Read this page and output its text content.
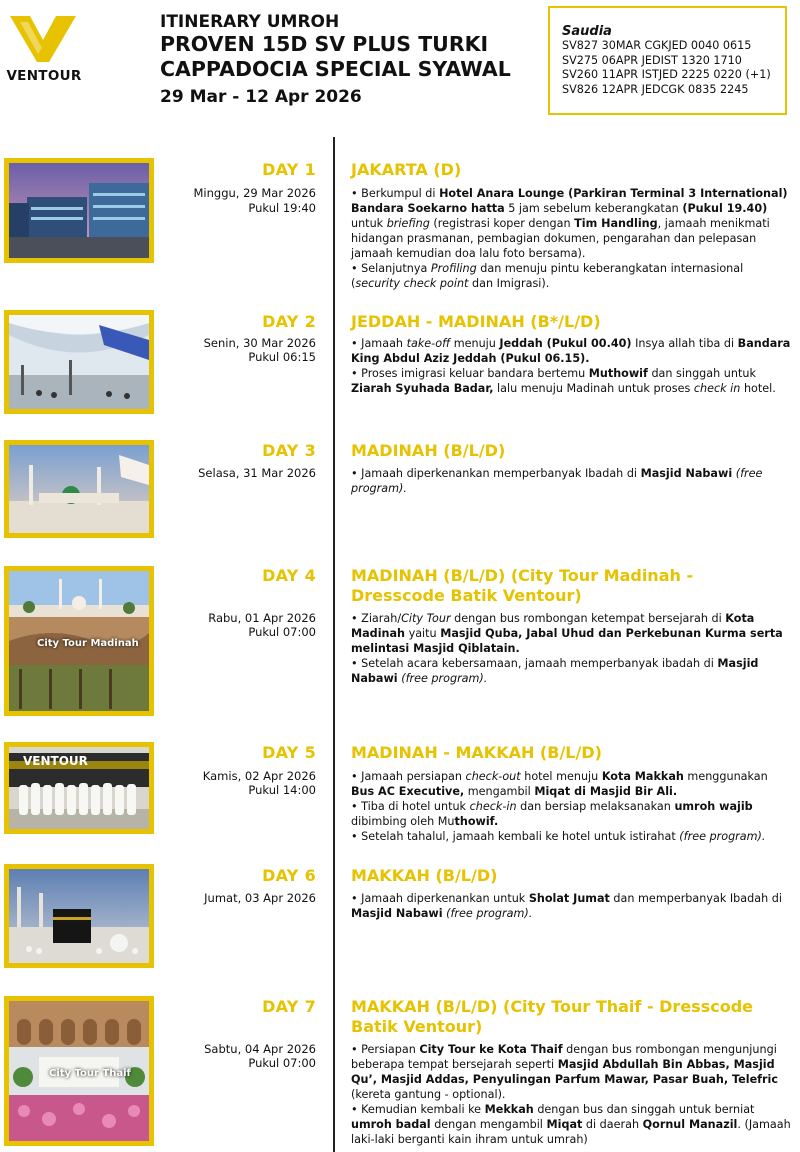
VENTOUR
ITINERARY UMROH
PROVEN 15D SV PLUS TURKI
CAPPADOCIA SPECIAL SYAWAL
29 Mar - 12 Apr 2026
Saudia
SV827 30MAR CGKJED 0040 0615
SV275 06APR JEDIST 1320 1710
SV260 11APR ISTJED 2225 0220 (+1)
SV826 12APR JEDCGK 0835 2245
DAY 1
Minggu, 29 Mar 2026
Pukul 19:40
JAKARTA (D)

• Berkumpul di Hotel Anara Lounge (Parkiran Terminal 3 International) Bandara Soekarno hatta 5 jam sebelum keberangkatan (Pukul 19.40) untuk briefing (registrasi koper dengan Tim Handling, jamaah menikmati hidangan prasmanan, pembagian dokumen, pengarahan dan pelepasan jamaah kemudian doa lalu foto bersama).

• Selanjutnya Profiling dan menuju pintu keberangkatan internasional (security check point dan Imigrasi).

DAY 2
Senin, 30 Mar 2026
Pukul 06:15
JEDDAH - MADINAH (B*/L/D)

• Jamaah take-off menuju Jeddah (Pukul 00.40) Insya allah tiba di Bandara King Abdul Aziz Jeddah (Pukul 06.15).

• Proses imigrasi keluar bandara bertemu Muthowif dan singgah untuk Ziarah Syuhada Badar, lalu menuju Madinah untuk proses check in hotel.

DAY 3
Selasa, 31 Mar 2026
MADINAH (B/L/D)

• Jamaah diperkenankan memperbanyak Ibadah di Masjid Nabawi (free program).

City Tour Madinah
DAY 4
Rabu, 01 Apr 2026
Pukul 07:00
MADINAH (B/L/D) (City Tour Madinah - Dresscode Batik Ventour)

• Ziarah/City Tour dengan bus rombongan ketempat bersejarah di Kota Madinah yaitu Masjid Quba, Jabal Uhud dan Perkebunan Kurma serta melintasi Masjid Qiblatain.

• Setelah acara kebersamaan, jamaah memperbanyak ibadah di Masjid Nabawi (free program).

VENTOUR	DAY 5
Kamis, 02 Apr 2026
Pukul 14:00
MADINAH - MAKKAH (B/L/D)

• Jamaah persiapan check-out hotel menuju Kota Makkah menggunakan Bus AC Executive, mengambil Miqat di Masjid Bir Ali.

• Tiba di hotel untuk check-in dan bersiap melaksanakan umroh wajib dibimbing oleh Muthowif.

• Setelah tahalul, jamaah kembali ke hotel untuk istirahat (free program).

DAY 6
Jumat, 03 Apr 2026
MAKKAH (B/L/D)

• Jamaah diperkenankan untuk Sholat Jumat dan memperbanyak Ibadah di Masjid Nabawi (free program).

City Tour Thaif
DAY 7
Sabtu, 04 Apr 2026
Pukul 07:00
MAKKAH (B/L/D) (City Tour Thaif - Dresscode Batik Ventour)

• Persiapan City Tour ke Kota Thaif dengan bus rombongan mengunjungi beberapa tempat bersejarah seperti Masjid Abdullah Bin Abbas, Masjid Qu’, Masjid Addas, Penyulingan Parfum Mawar, Pasar Buah, Telefric (kereta gantung - optional).

• Kemudian kembali ke Mekkah dengan bus dan singgah untuk berniat umroh badal dengan mengambil Miqat di daerah Qornul Manazil. (Jamaah laki-laki berganti kain ihram untuk umrah)
